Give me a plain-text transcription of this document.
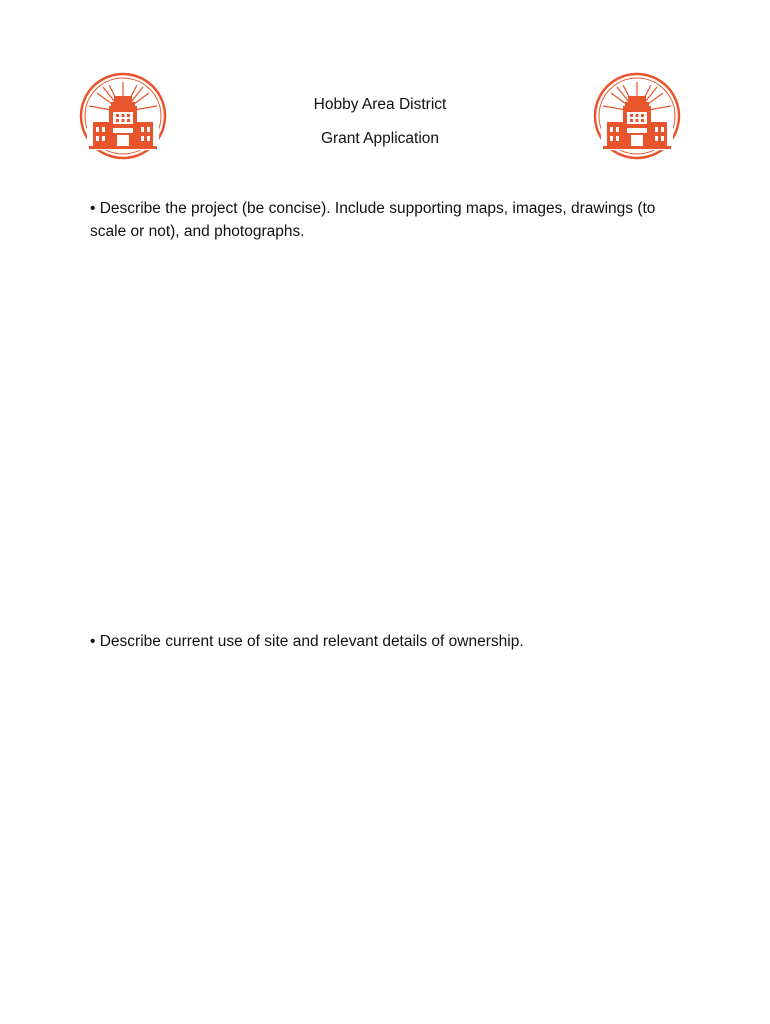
Hobby Area District
Grant Application
• Describe the project (be concise). Include supporting maps, images, drawings (to scale or not), and photographs.
• Describe current use of site and relevant details of ownership.
